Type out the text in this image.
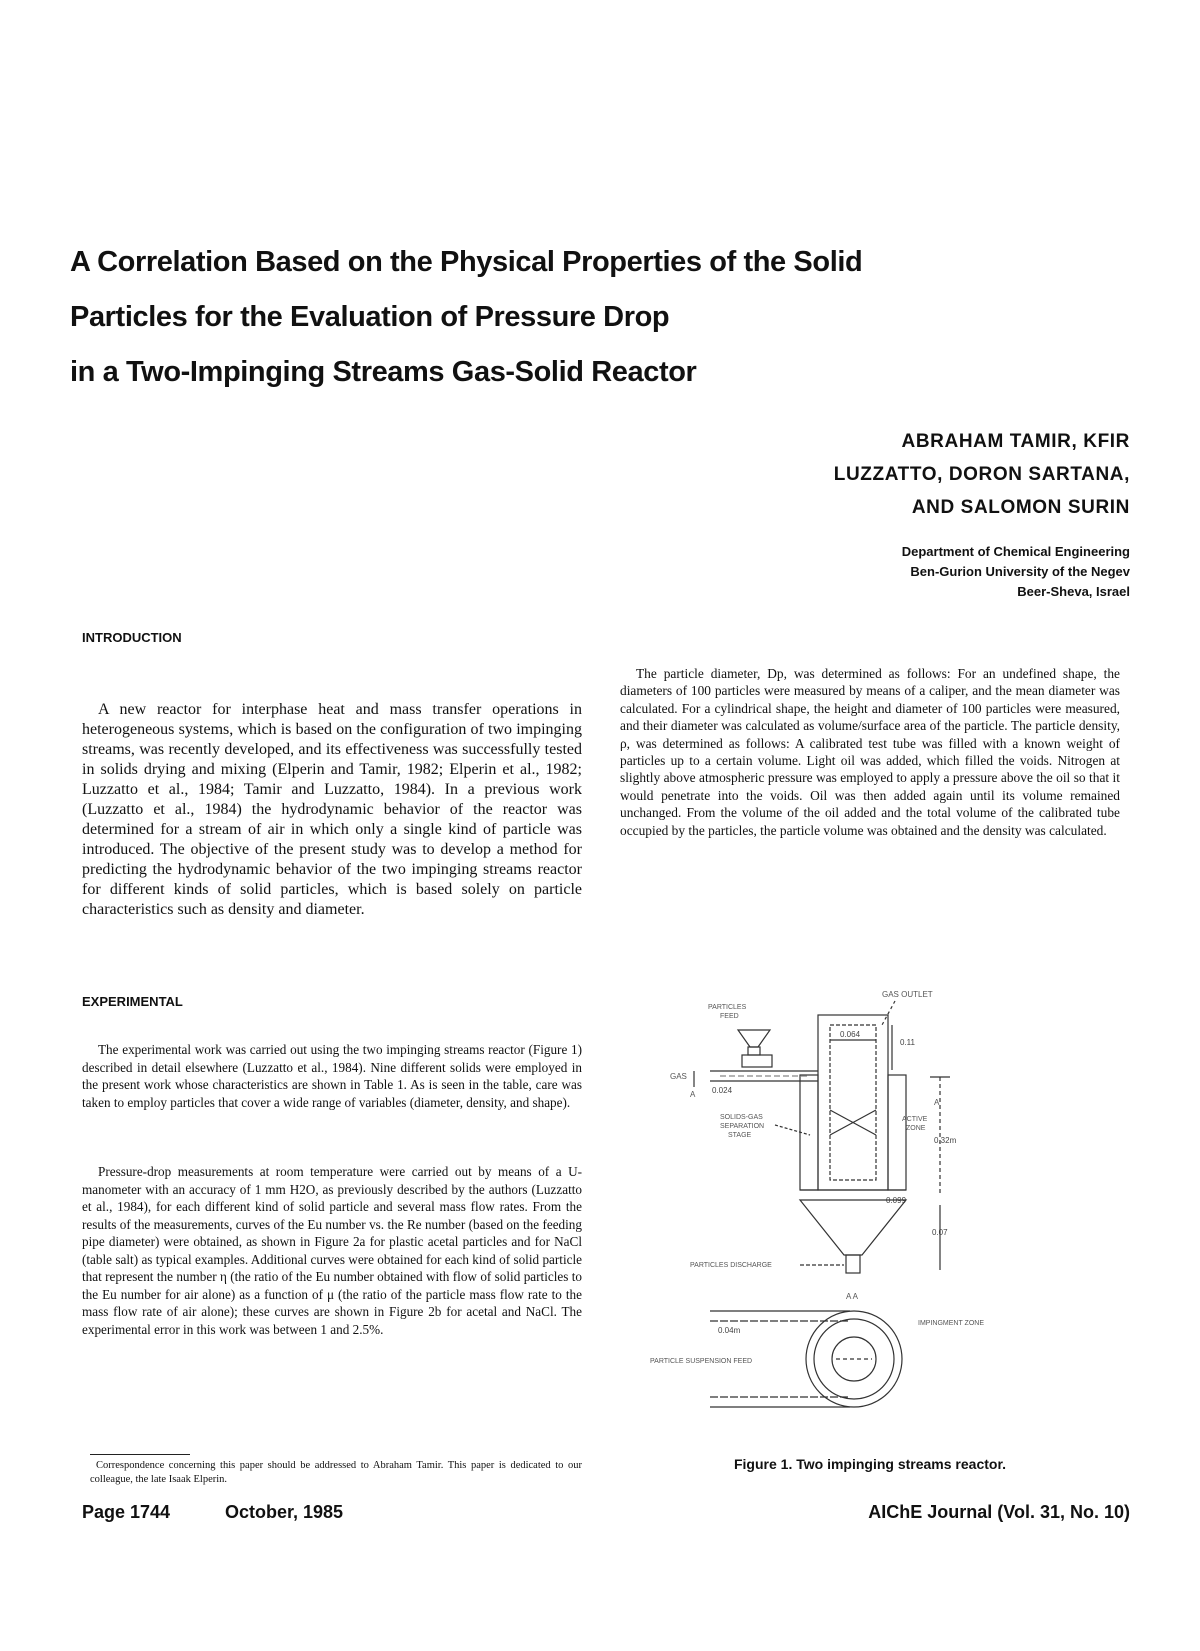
A Correlation Based on the Physical Properties of the Solid
Particles for the Evaluation of Pressure Drop
in a Two-Impinging Streams Gas-Solid Reactor
ABRAHAM TAMIR, KFIR
LUZZATTO, DORON SARTANA,
AND SALOMON SURIN
Department of Chemical Engineering
Ben-Gurion University of the Negev
Beer-Sheva, Israel
INTRODUCTION

A new reactor for interphase heat and mass transfer operations in heterogeneous systems, which is based on the configuration of two impinging streams, was recently developed, and its effectiveness was successfully tested in solids drying and mixing (Elperin and Tamir, 1982; Elperin et al., 1982; Luzzatto et al., 1984; Tamir and Luzzatto, 1984). In a previous work (Luzzatto et al., 1984) the hydrodynamic behavior of the reactor was determined for a stream of air in which only a single kind of particle was introduced. The objective of the present study was to develop a method for predicting the hydrodynamic behavior of the two impinging streams reactor for different kinds of solid particles, which is based solely on particle characteristics such as density and diameter.

EXPERIMENTAL

The experimental work was carried out using the two impinging streams reactor (Figure 1) described in detail elsewhere (Luzzatto et al., 1984). Nine different solids were employed in the present work whose characteristics are shown in Table 1. As is seen in the table, care was taken to employ particles that cover a wide range of variables (diameter, density, and shape).

Pressure-drop measurements at room temperature were carried out by means of a U-manometer with an accuracy of 1 mm H2O, as previously described by the authors (Luzzatto et al., 1984), for each different kind of solid particle and several mass flow rates. From the results of the measurements, curves of the Eu number vs. the Re number (based on the feeding pipe diameter) were obtained, as shown in Figure 2a for plastic acetal particles and for NaCl (table salt) as typical examples. Additional curves were obtained for each kind of solid particle that represent the number η (the ratio of the Eu number obtained with flow of solid particles to the Eu number for air alone) as a function of μ (the ratio of the particle mass flow rate to the mass flow rate of air alone); these curves are shown in Figure 2b for acetal and NaCl. The experimental error in this work was between 1 and 2.5%.

The particle diameter, Dp, was determined as follows: For an undefined shape, the diameters of 100 particles were measured by means of a caliper, and the mean diameter was calculated. For a cylindrical shape, the height and diameter of 100 particles were measured, and their diameter was calculated as volume/surface area of the particle. The particle density, ρ, was determined as follows: A calibrated test tube was filled with a known weight of particles up to a certain volume. Light oil was added, which filled the voids. Nitrogen at slightly above atmospheric pressure was employed to apply a pressure above the oil so that it would penetrate into the voids. Oil was then added again until its volume remained unchanged. From the volume of the oil added and the total volume of the calibrated tube occupied by the particles, the particle volume was obtained and the density was calculated.

Correspondence concerning this paper should be addressed to Abraham Tamir. This paper is dedicated to our colleague, the late Isaak Elperin.

GAS OUTLET
PARTICLES
FEED
0.064
0.11
GAS
A 0.024
A
SOLIDS-GAS
SEPARATION
STAGE
ACTIVE
ZONE
0.32m
0.099
0.07
PARTICLES DISCHARGE
A A
0.04m
IMPINGMENT ZONE
PARTICLE SUSPENSION FEED
Figure 1. Two impinging streams reactor.
Page 1744	October, 1985	AIChE Journal (Vol. 31, No. 10)
